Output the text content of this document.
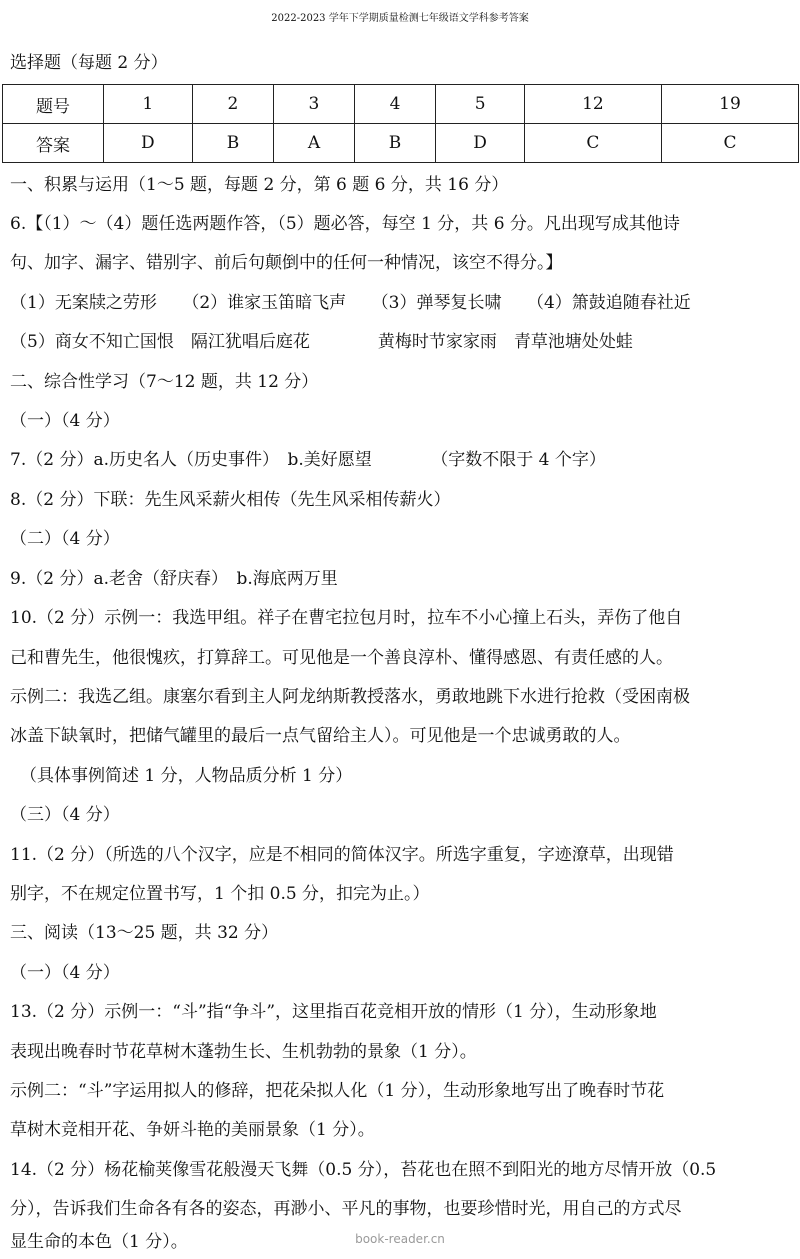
2022-2023 学年下学期质量检测七年级语文学科参考答案
选择题（每题 2 分）
题号	1	2	3	4	5	12	19
答案	D	B	A	B	D	C	C
一、积累与运用（1～5 题，每题 2 分，第 6 题 6 分，共 16 分）
6.【（1）～（4）题任选两题作答，（5）题必答，每空 1 分，共 6 分。凡出现写成其他诗
句、加字、漏字、错别字、前后句颠倒中的任何一种情况，该空不得分。】
（1）无案牍之劳形　　（2）谁家玉笛暗飞声　　（3）弹琴复长啸　　（4）箫鼓追随春社近
（5）商女不知亡国恨　隔江犹唱后庭花　　　　黄梅时节家家雨　青草池塘处处蛙
二、综合性学习（7～12 题，共 12 分）
（一）（4 分）
7.（2 分）a.历史名人（历史事件）　b.美好愿望　　　　（字数不限于 4 个字）
8.（2 分）下联：先生风采薪火相传（先生风采相传薪火）
（二）（4 分）
9.（2 分）a.老舍（舒庆春）　b.海底两万里
10.（2 分）示例一：我选甲组。祥子在曹宅拉包月时，拉车不小心撞上石头，弄伤了他自
己和曹先生，他很愧疚，打算辞工。可见他是一个善良淳朴、懂得感恩、有责任感的人。
示例二：我选乙组。康塞尔看到主人阿龙纳斯教授落水，勇敢地跳下水进行抢救（受困南极
冰盖下缺氧时，把储气罐里的最后一点气留给主人）。可见他是一个忠诚勇敢的人。
（具体事例简述 1 分，人物品质分析 1 分）
（三）（4 分）
11.（2 分）（所选的八个汉字，应是不相同的简体汉字。所选字重复，字迹潦草，出现错
别字，不在规定位置书写，1 个扣 0.5 分，扣完为止。）
三、阅读（13～25 题，共 32 分）
（一）（4 分）
13.（2 分）示例一：“斗”指“争斗”，这里指百花竞相开放的情形（1 分），生动形象地
表现出晚春时节花草树木蓬勃生长、生机勃勃的景象（1 分）。
示例二：“斗”字运用拟人的修辞，把花朵拟人化（1 分），生动形象地写出了晚春时节花
草树木竞相开花、争妍斗艳的美丽景象（1 分）。
14.（2 分）杨花榆荚像雪花般漫天飞舞（0.5 分），苔花也在照不到阳光的地方尽情开放（0.5
分），告诉我们生命各有各的姿态，再渺小、平凡的事物，也要珍惜时光，用自己的方式尽
显生命的本色（1 分）。	book-reader.cn
